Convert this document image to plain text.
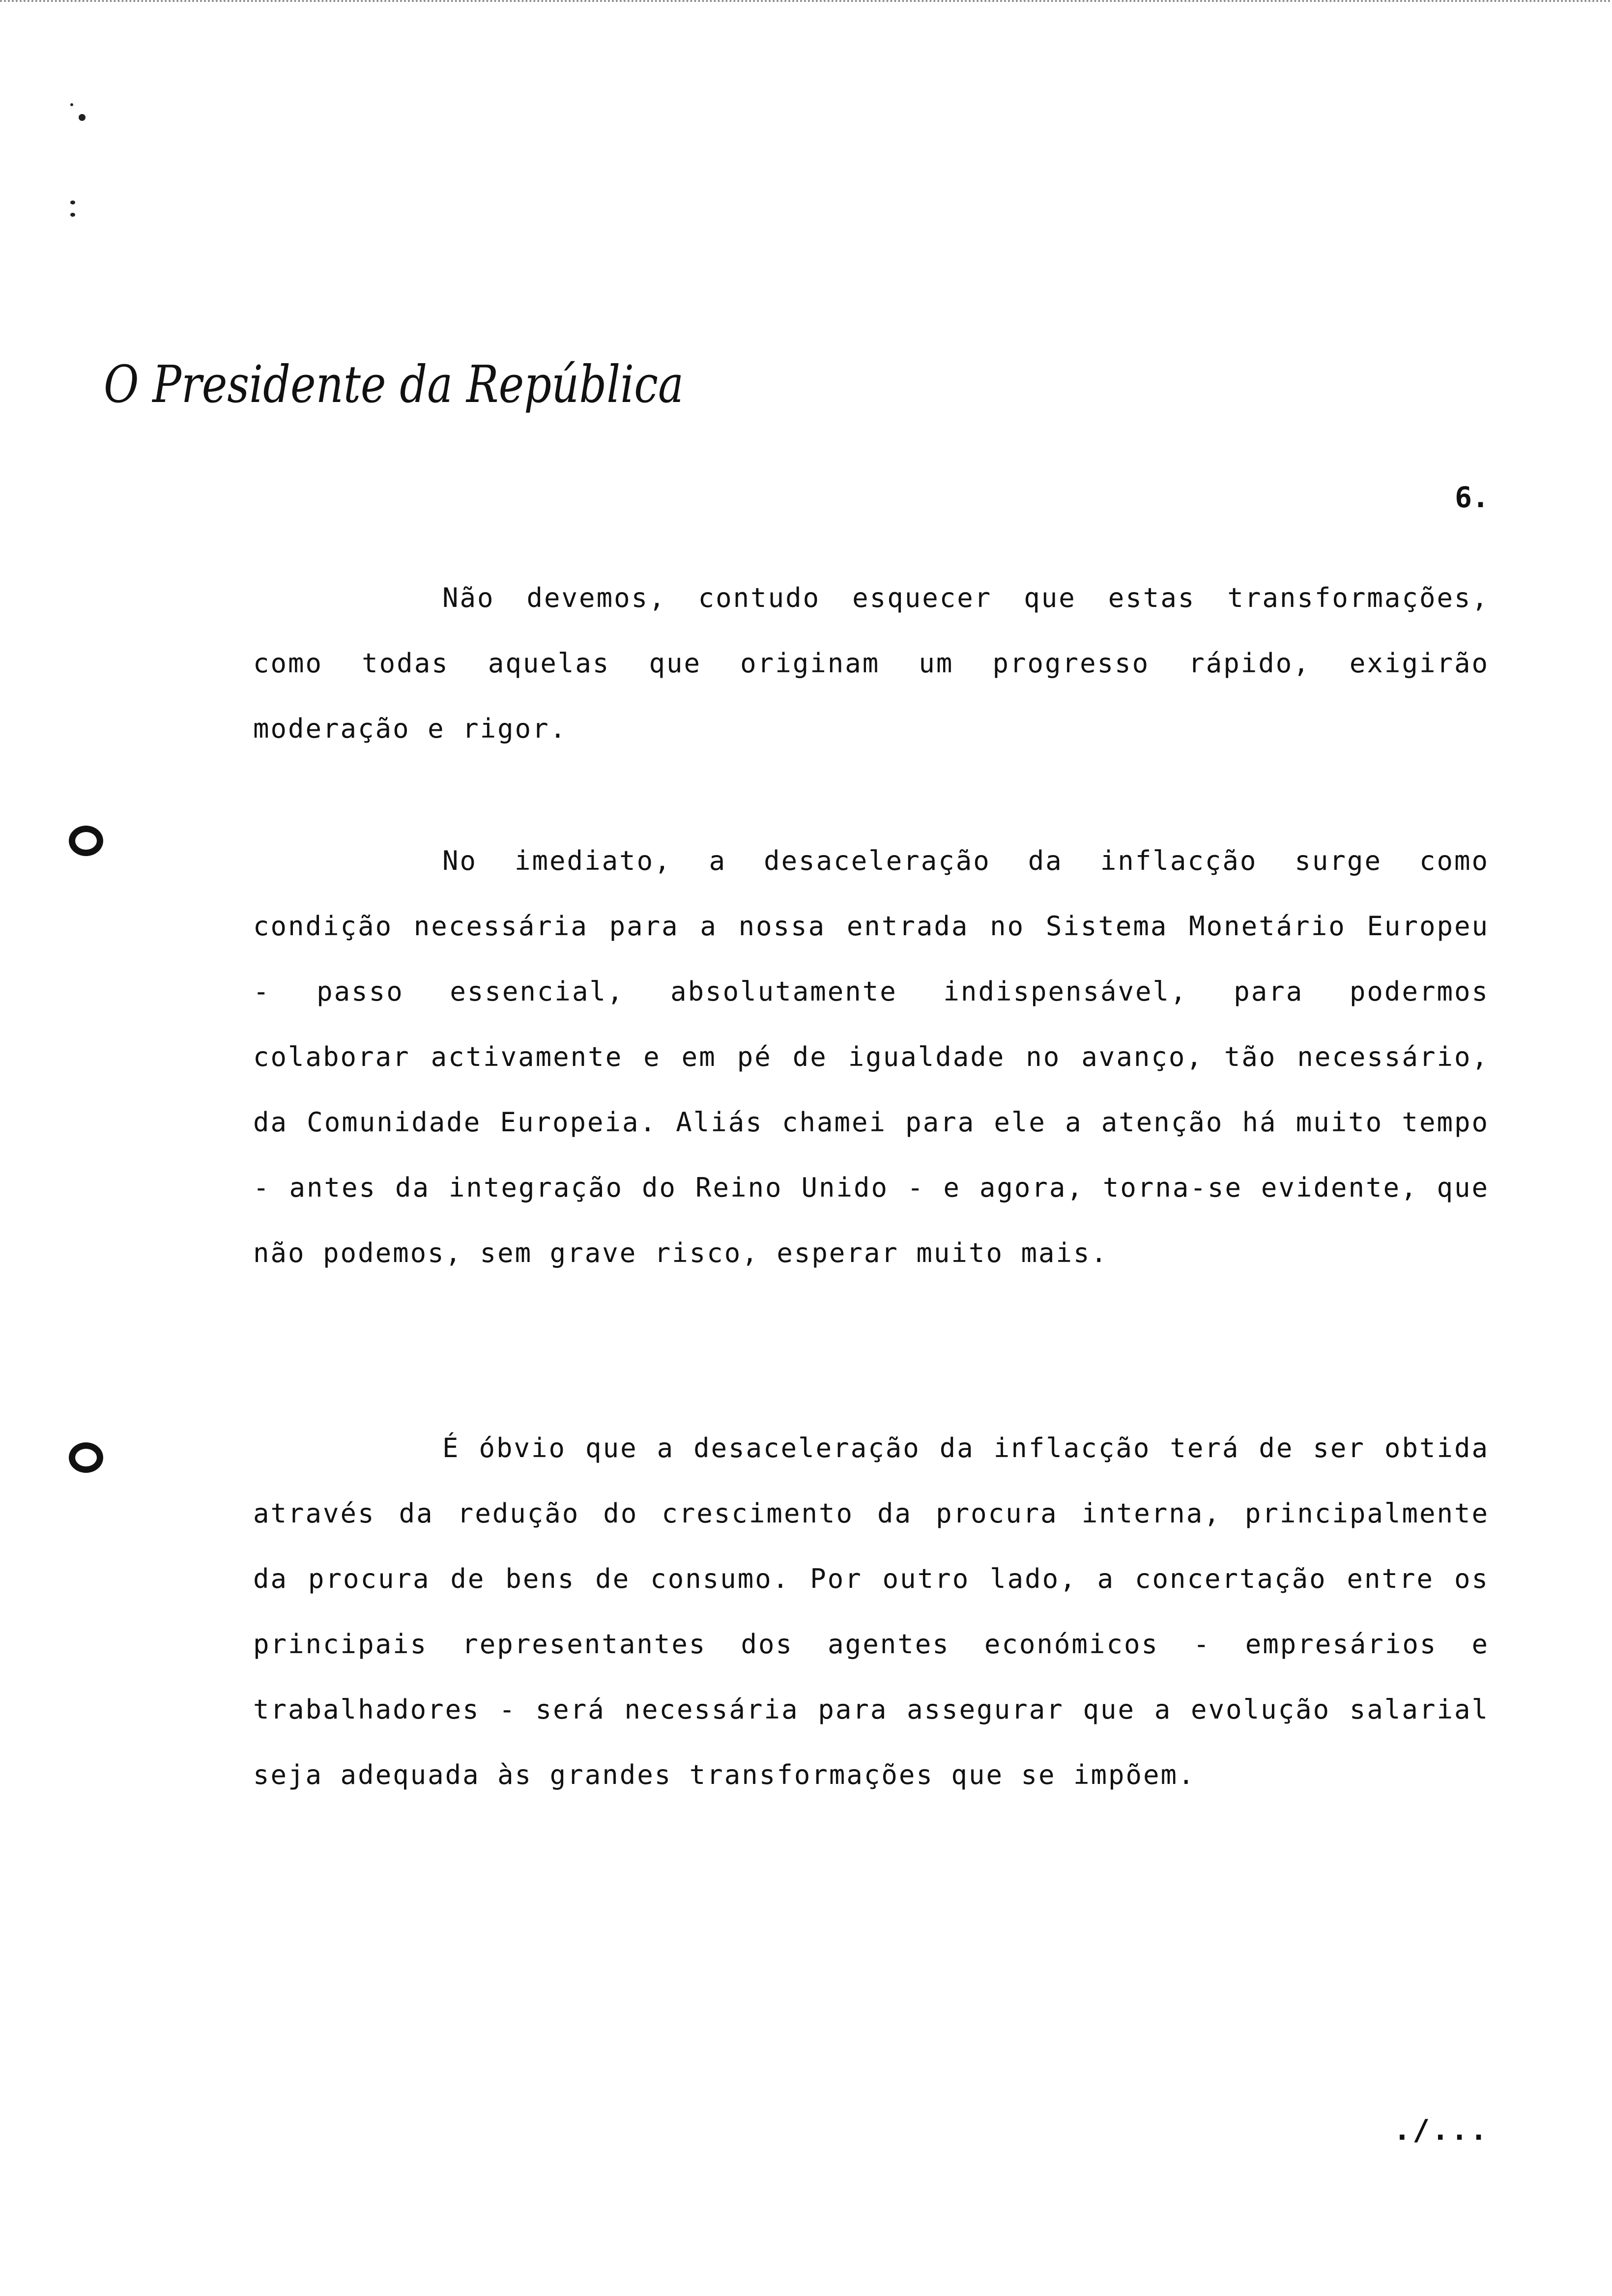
O Presidente da República
6.

Não devemos, contudo esquecer que estas transformações, como todas aquelas que originam um progresso rápido, exigirão moderação e rigor.

No imediato, a desaceleração da inflacção surge como condição necessária para a nossa entrada no Sistema Monetário Europeu - passo essencial, absolutamente indispensável, para podermos colaborar activamente e em pé de igualdade no avanço, tão necessário, da Comunidade Europeia. Aliás chamei para ele a atenção há muito tempo - antes da integração do Reino Unido - e agora, torna-se evidente, que não podemos, sem grave risco, esperar muito mais.

É óbvio que a desaceleração da inflacção terá de ser obtida através da redução do crescimento da procura interna, principalmente da procura de bens de consumo. Por outro lado, a concertação entre os principais representantes dos agentes económicos - empresários e trabalhadores - será necessária para assegurar que a evolução salarial seja adequada às grandes transformações que se impõem.

./...
